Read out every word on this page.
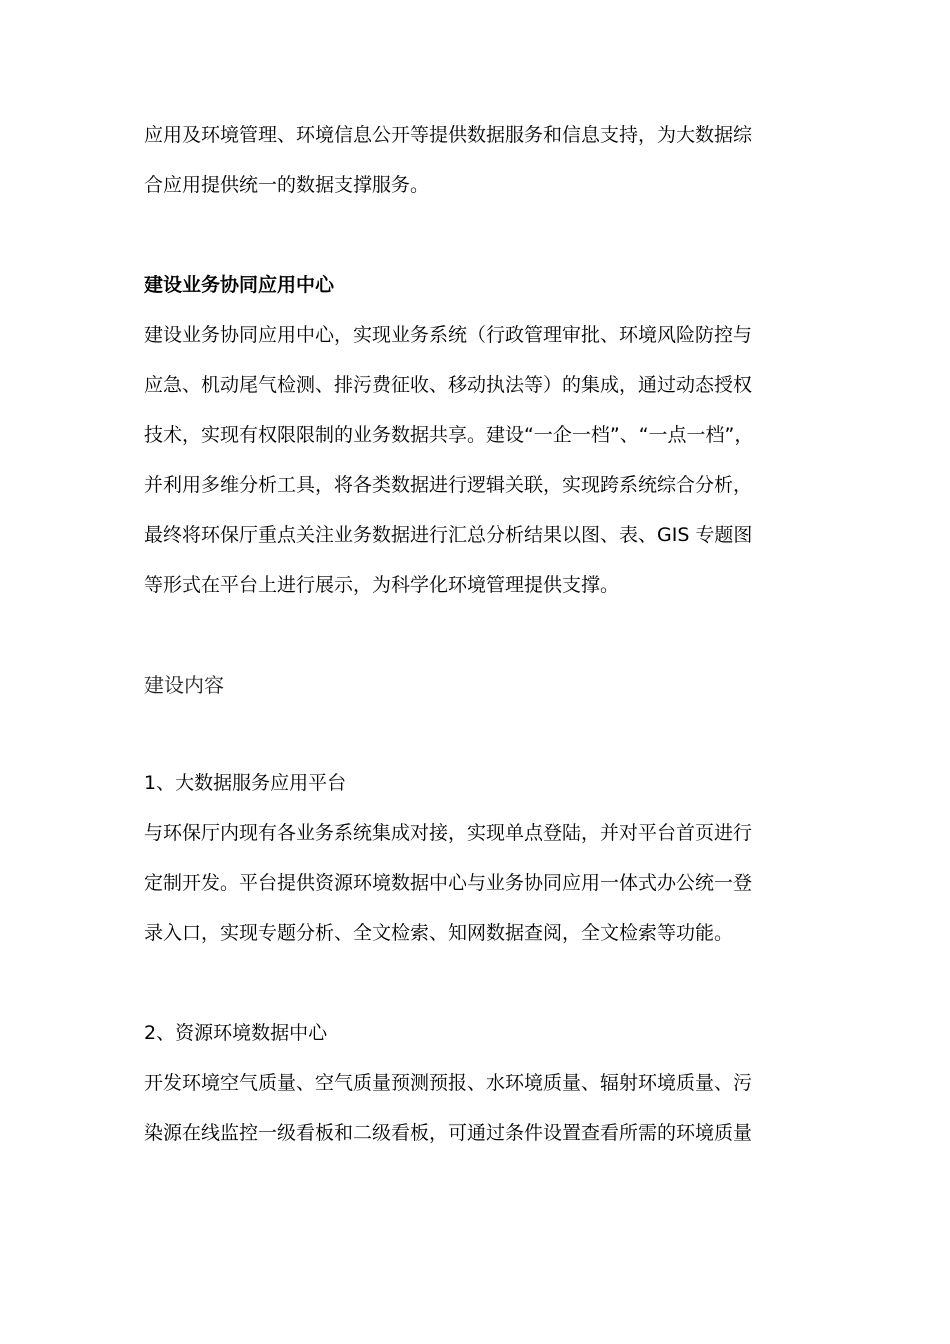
应用及环境管理、环境信息公开等提供数据服务和信息支持，为大数据综
合应用提供统一的数据支撑服务。
建设业务协同应用中心
建设业务协同应用中心，实现业务系统（行政管理审批、环境风险防控与
应急、机动尾气检测、排污费征收、移动执法等）的集成，通过动态授权
技术，实现有权限限制的业务数据共享。建设“一企一档”、“一点一档”，
并利用多维分析工具，将各类数据进行逻辑关联，实现跨系统综合分析，
最终将环保厅重点关注业务数据进行汇总分析结果以图、表、GIS 专题图
等形式在平台上进行展示，为科学化环境管理提供支撑。
建设内容
1、大数据服务应用平台
与环保厅内现有各业务系统集成对接，实现单点登陆，并对平台首页进行
定制开发。平台提供资源环境数据中心与业务协同应用一体式办公统一登
录入口，实现专题分析、全文检索、知网数据查阅，全文检索等功能。
2、资源环境数据中心
开发环境空气质量、空气质量预测预报、水环境质量、辐射环境质量、污
染源在线监控一级看板和二级看板，可通过条件设置查看所需的环境质量
